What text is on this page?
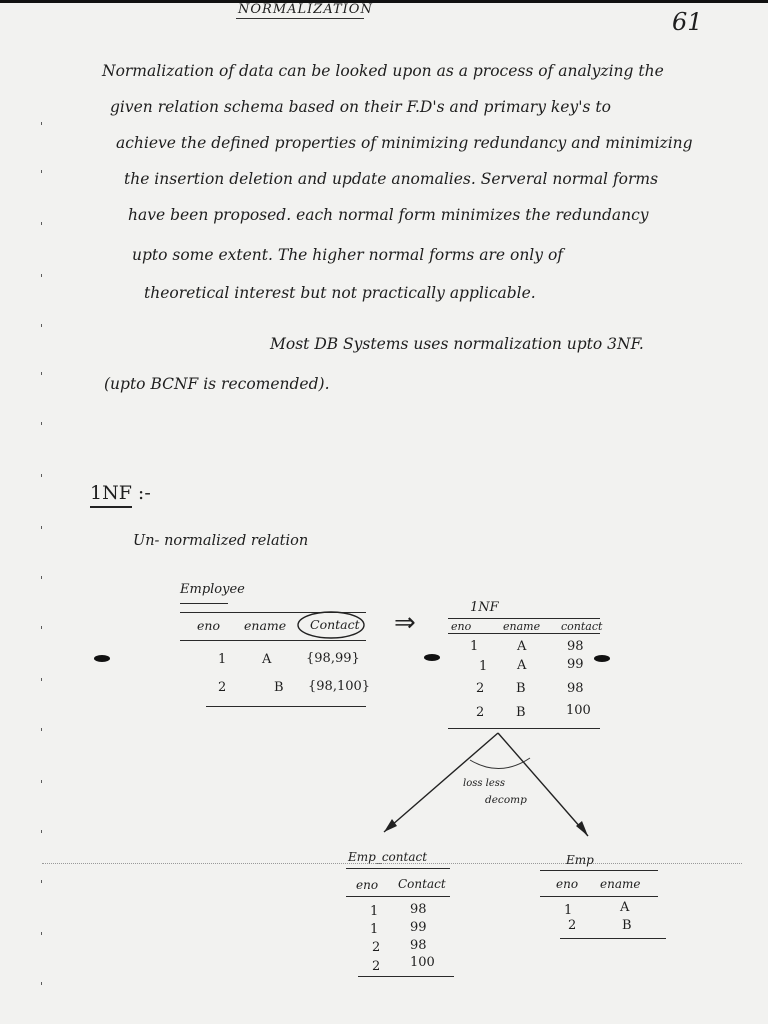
NORMALIZATION	61
Normalization of data can be looked upon as a process of analyzing the
given relation schema based on their F.D's and primary key's to
achieve the defined properties of minimizing redundancy and minimizing
the insertion deletion and update anomalies. Serveral normal forms
have been proposed. each normal form minimizes the redundancy
upto some extent. The higher normal forms are only of
theoretical interest but not practically applicable.
Most DB Systems uses normalization upto 3NF.
(upto BCNF is recomended).
1NF :-
Un- normalized relation
Employee
eno ename Contact
1	A	{98,99}
2	B {98,100}
⇒
1NF
eno	ename contact
1	A	98
1 A	99
2 B	98
2 B	100
loss less
decomp
Emp_contact
eno Contact
1 98
1 99
2 98
2 100
Emp
eno ename
1	A
2	B
'
'
'
'
'
'
'
'
'
'
'
'
'
'
'
'
'
'
